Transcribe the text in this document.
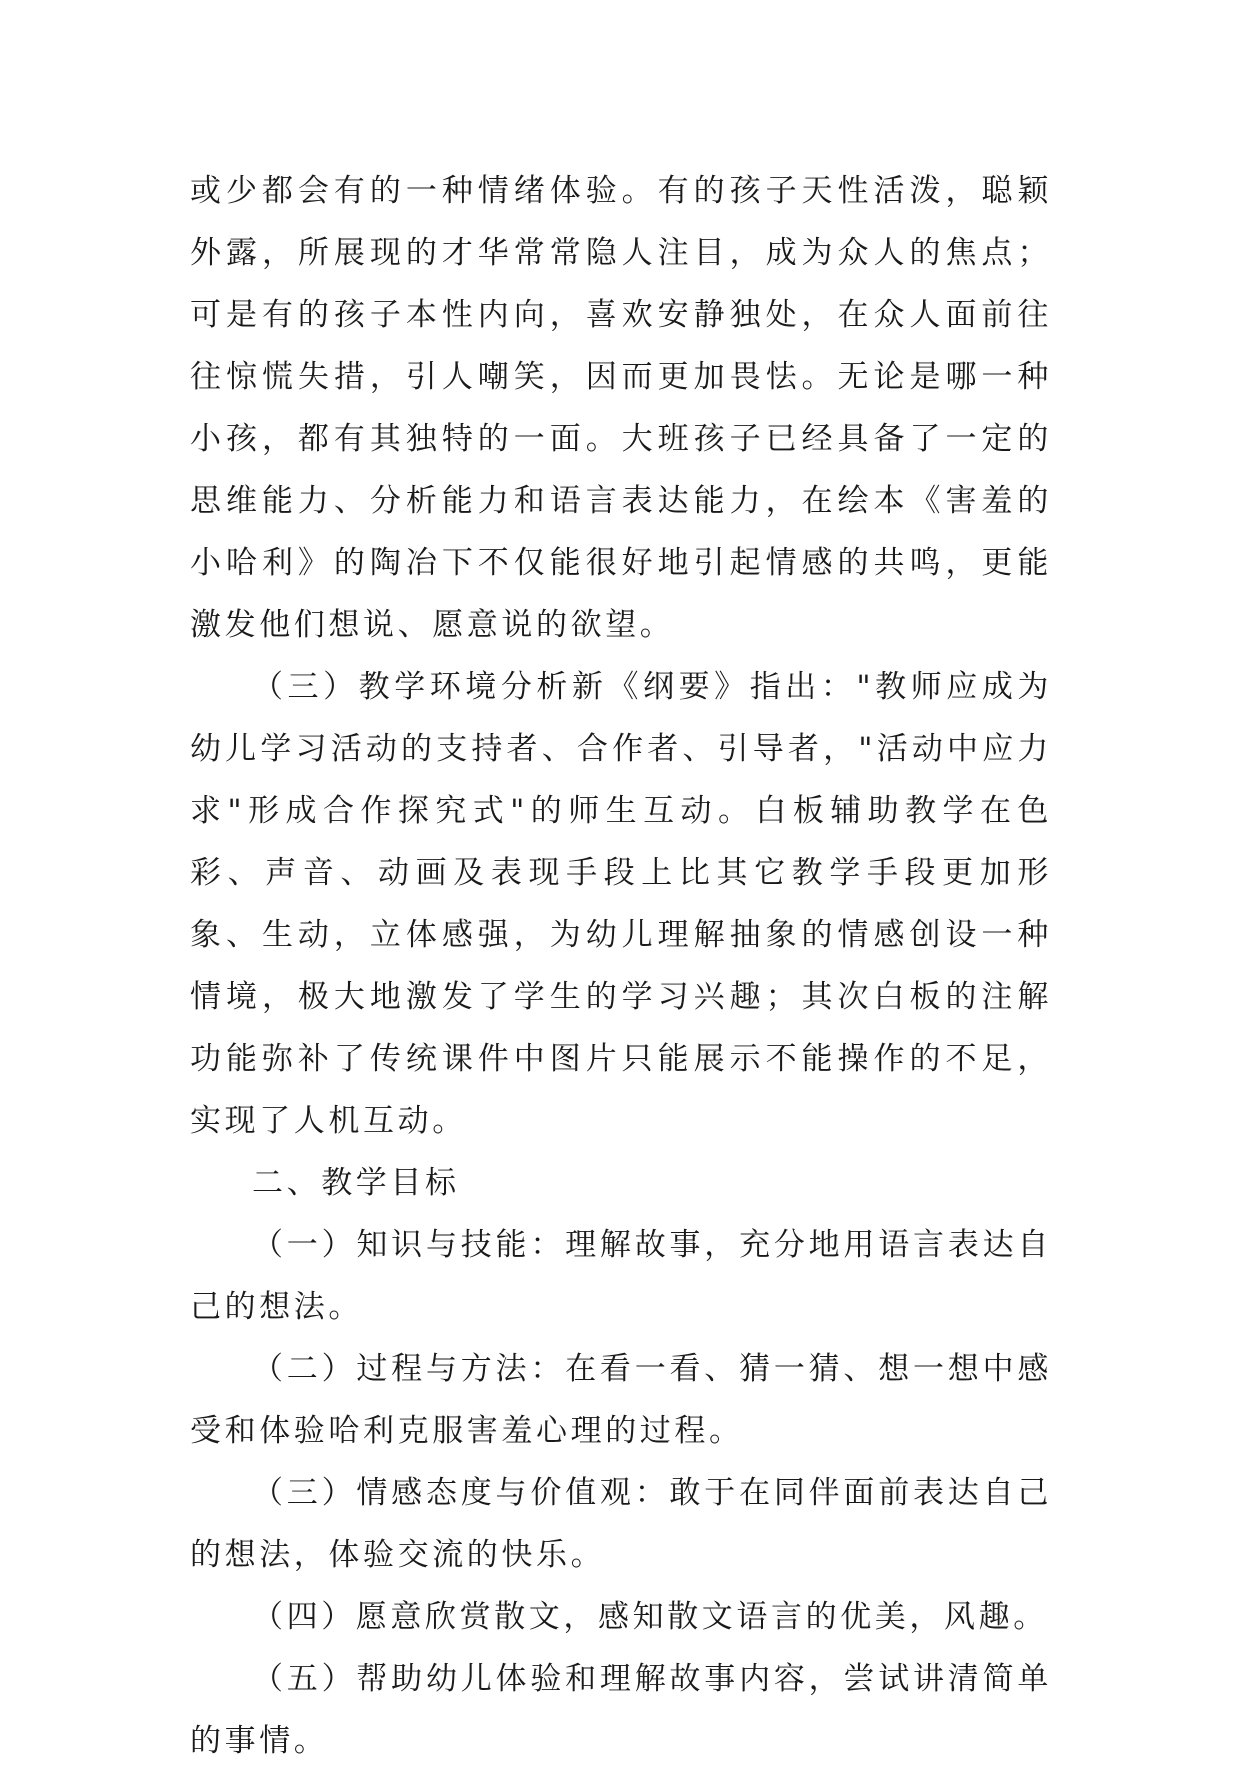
或少都会有的一种情绪体验。有的孩子天性活泼，聪颖外露，所展现的才华常常隐人注目，成为众人的焦点；可是有的孩子本性内向，喜欢安静独处，在众人面前往往惊慌失措，引人嘲笑，因而更加畏怯。无论是哪一种小孩，都有其独特的一面。大班孩子已经具备了一定的思维能力、分析能力和语言表达能力，在绘本《害羞的小哈利》的陶冶下不仅能很好地引起情感的共鸣，更能激发他们想说、愿意说的欲望。

（三）教学环境分析新《纲要》指出："教师应成为幼儿学习活动的支持者、合作者、引导者，"活动中应力求"形成合作探究式"的师生互动。白板辅助教学在色彩、声音、动画及表现手段上比其它教学手段更加形象、生动，立体感强，为幼儿理解抽象的情感创设一种情境，极大地激发了学生的学习兴趣；其次白板的注解功能弥补了传统课件中图片只能展示不能操作的不足，实现了人机互动。

二、教学目标

（一）知识与技能：理解故事，充分地用语言表达自己的想法。

（二）过程与方法：在看一看、猜一猜、想一想中感受和体验哈利克服害羞心理的过程。

（三）情感态度与价值观：敢于在同伴面前表达自己的想法，体验交流的快乐。

（四）愿意欣赏散文，感知散文语言的优美，风趣。

（五）帮助幼儿体验和理解故事内容，尝试讲清简单的事情。
